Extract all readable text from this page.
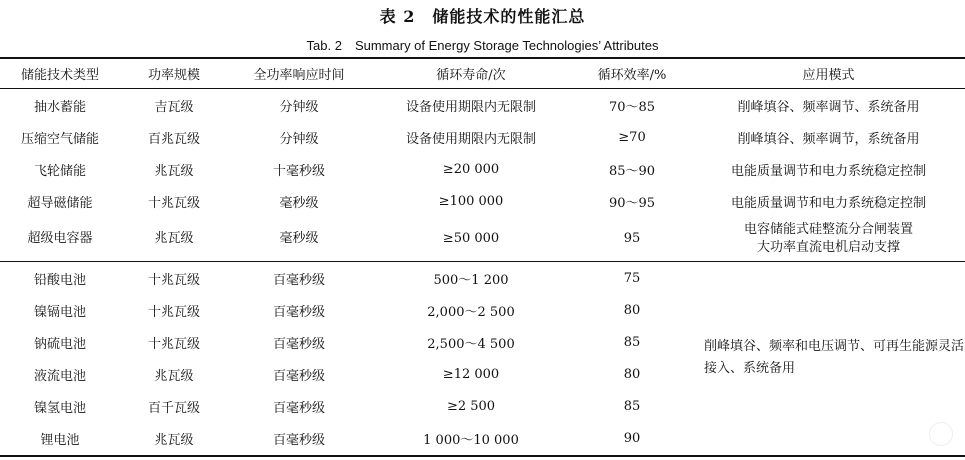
表 2　储能技术的性能汇总
Tab. 2　Summary of Energy Storage Technologies’ Attributes
储能技术类型	功率规模	全功率响应时间	循环寿命/次	循环效率/%	应用模式
抽水蓄能	吉瓦级	分钟级	设备使用期限内无限制	70～85	削峰填谷、频率调节、系统备用
压缩空气储能	百兆瓦级	分钟级	设备使用期限内无限制	≥70	削峰填谷、频率调节，系统备用
飞轮储能	兆瓦级	十毫秒级	≥20 000	85～90	电能质量调节和电力系统稳定控制
超导磁储能	十兆瓦级	毫秒级	≥100 000	90～95	电能质量调节和电力系统稳定控制
超级电容器	兆瓦级	毫秒级	≥50 000	95	电容储能式硅整流分合闸装置
大功率直流电机启动支撑
铅酸电池	十兆瓦级	百毫秒级	500～1 200	75	削峰填谷、频率和电压调节、可再生能源灵活接入、系统备用
镍镉电池	十兆瓦级	百毫秒级	2,000～2 500	80	
钠硫电池	十兆瓦级	百毫秒级	2,500～4 500	85	
液流电池	兆瓦级	百毫秒级	≥12 000	80	
镍氢电池	百千瓦级	百毫秒级	≥2 500	85	
锂电池	兆瓦级	百毫秒级	1 000～10 000	90	
